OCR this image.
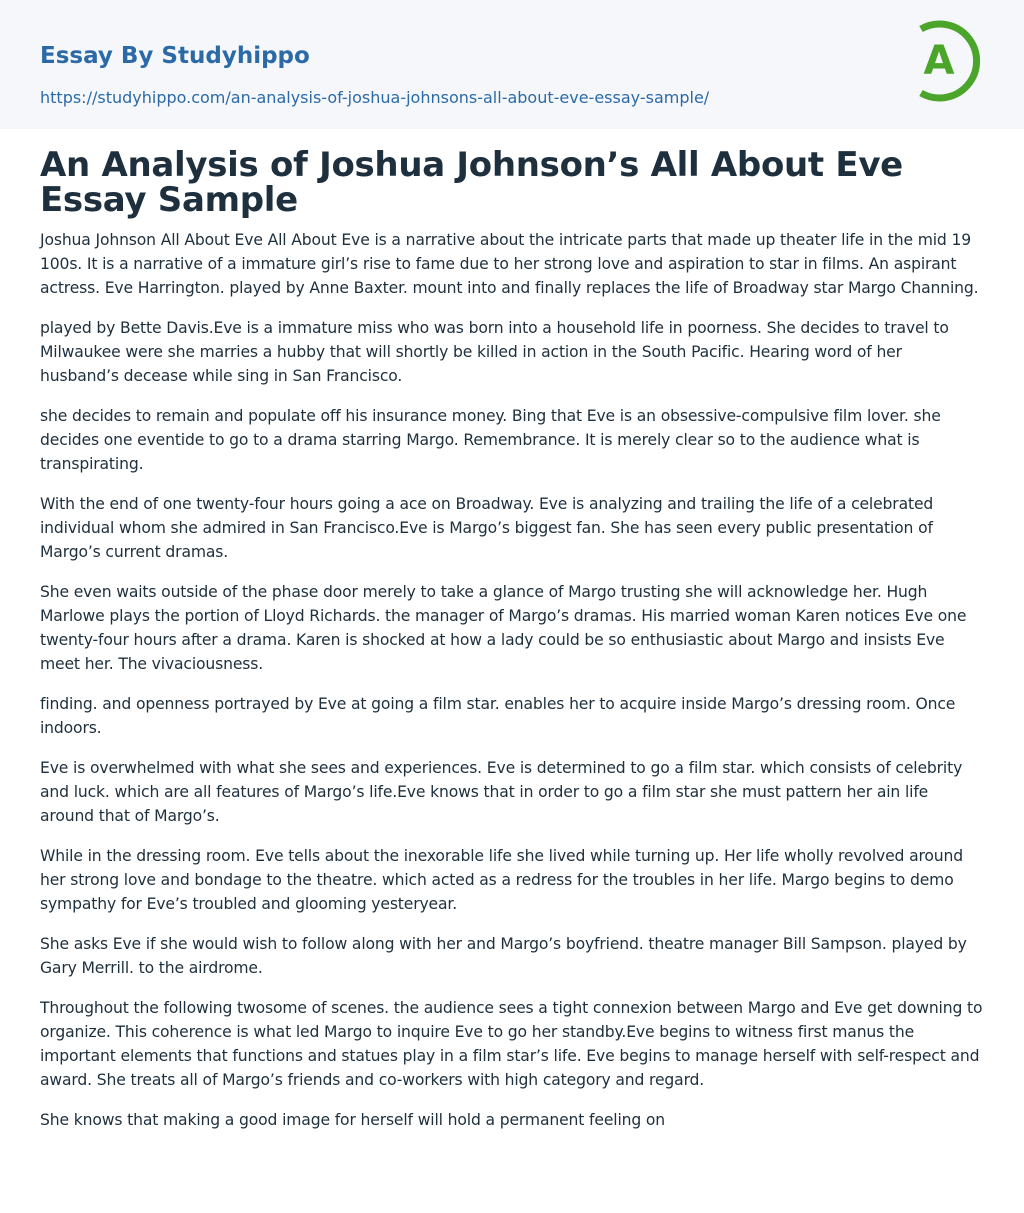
Essay By Studyhippo
https://studyhippo.com/an-analysis-of-joshua-johnsons-all-about-eve-essay-sample/
A
An Analysis of Joshua Johnson’s All About Eve Essay Sample

Joshua Johnson All About Eve All About Eve is a narrative about the intricate parts that made up theater life in the mid 19 100s. It is a narrative of a immature girl’s rise to fame due to her strong love and aspiration to star in films. An aspirant actress. Eve Harrington. played by Anne Baxter. mount into and finally replaces the life of Broadway star Margo Channing.

played by Bette Davis.Eve is a immature miss who was born into a household life in poorness. She decides to travel to Milwaukee were she marries a hubby that will shortly be killed in action in the South Pacific. Hearing word of her husband’s decease while sing in San Francisco.

she decides to remain and populate off his insurance money. Bing that Eve is an obsessive-compulsive film lover. she decides one eventide to go to a drama starring Margo. Remembrance. It is merely clear so to the audience what is transpirating.

With the end of one twenty-four hours going a ace on Broadway. Eve is analyzing and trailing the life of a celebrated individual whom she admired in San Francisco.Eve is Margo’s biggest fan. She has seen every public presentation of Margo’s current dramas.

She even waits outside of the phase door merely to take a glance of Margo trusting she will acknowledge her. Hugh Marlowe plays the portion of Lloyd Richards. the manager of Margo’s dramas. His married woman Karen notices Eve one twenty-four hours after a drama. Karen is shocked at how a lady could be so enthusiastic about Margo and insists Eve meet her. The vivaciousness.

finding. and openness portrayed by Eve at going a film star. enables her to acquire inside Margo’s dressing room. Once indoors.

Eve is overwhelmed with what she sees and experiences. Eve is determined to go a film star. which consists of celebrity and luck. which are all features of Margo’s life.Eve knows that in order to go a film star she must pattern her ain life around that of Margo’s.

While in the dressing room. Eve tells about the inexorable life she lived while turning up. Her life wholly revolved around her strong love and bondage to the theatre. which acted as a redress for the troubles in her life. Margo begins to demo sympathy for Eve’s troubled and glooming yesteryear.

She asks Eve if she would wish to follow along with her and Margo’s boyfriend. theatre manager Bill Sampson. played by Gary Merrill. to the airdrome.

Throughout the following twosome of scenes. the audience sees a tight connexion between Margo and Eve get downing to organize. This coherence is what led Margo to inquire Eve to go her standby.Eve begins to witness first manus the important elements that functions and statues play in a film star’s life. Eve begins to manage herself with self-respect and award. She treats all of Margo’s friends and co-workers with high category and regard.

She knows that making a good image for herself will hold a permanent feeling on
